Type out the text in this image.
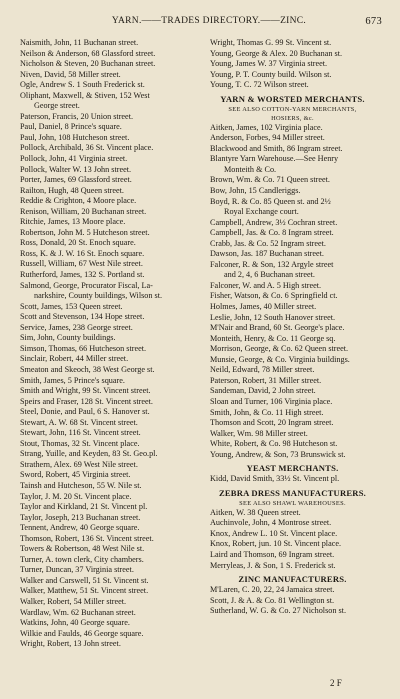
YARN.——TRADES DIRECTORY.——ZINC.	673
Naismith, John, 11 Buchanan street.
Neilson & Anderson, 68 Glassford street.
Nicholson & Steven, 20 Buchanan street.
Niven, David, 58 Miller street.
Ogle, Andrew S. 1 South Frederick st.
Oliphant, Maxwell, & Stiven, 152 West
George street.
Paterson, Francis, 20 Union street.
Paul, Daniel, 8 Prince's square.
Paul, John, 108 Hutcheson street.
Pollock, Archibald, 36 St. Vincent place.
Pollock, John, 41 Virginia street.
Pollock, Walter W. 13 John street.
Porter, James, 69 Glassford street.
Railton, Hugh, 48 Queen street.
Reddie & Crighton, 4 Moore place.
Renison, William, 20 Buchanan street.
Ritchie, James, 13 Moore place.
Robertson, John M. 5 Hutcheson street.
Ross, Donald, 20 St. Enoch square.
Ross, K. & J. W. 16 St. Enoch square.
Russell, William, 67 West Nile street.
Rutherford, James, 132 S. Portland st.
Salmond, George, Procurator Fiscal, La-
narkshire, County buildings, Wilson st.
Scott, James, 153 Queen street.
Scott and Stevenson, 134 Hope street.
Service, James, 238 George street.
Sim, John, County buildings.
Simson, Thomas, 66 Hutcheson street.
Sinclair, Robert, 44 Miller street.
Smeaton and Skeoch, 38 West George st.
Smith, James, 5 Prince's square.
Smith and Wright, 99 St. Vincent street.
Speirs and Fraser, 128 St. Vincent street.
Steel, Donie, and Paul, 6 S. Hanover st.
Stewart, A. W. 68 St. Vincent street.
Stewart, John, 116 St. Vincent street.
Stout, Thomas, 32 St. Vincent place.
Strang, Yuille, and Keyden, 83 St. Geo.pl.
Strathern, Alex. 69 West Nile street.
Sword, Robert, 45 Virginia street.
Tainsh and Hutcheson, 55 W. Nile st.
Taylor, J. M. 20 St. Vincent place.
Taylor and Kirkland, 21 St. Vincent pl.
Taylor, Joseph, 213 Buchanan street.
Tennent, Andrew, 40 George square.
Thomson, Robert, 136 St. Vincent street.
Towers & Robertson, 48 West Nile st.
Turner, A. town clerk, City chambers.
Turner, Duncan, 37 Virginia street.
Walker and Carswell, 51 St. Vincent st.
Walker, Matthew, 51 St. Vincent street.
Walker, Robert, 54 Miller street.
Wardlaw, Wm. 62 Buchanan street.
Watkins, John, 40 George square.
Wilkie and Faulds, 46 George square.
Wright, Robert, 13 John street.
Wright, Thomas G. 99 St. Vincent st.
Young, George & Alex. 20 Buchanan st.
Young, James W. 37 Virginia street.
Young, P. T. County build. Wilson st.
Young, T. C. 72 Wilson street.
YARN & WORSTED MERCHANTS.
SEE ALSO COTTON-YARN MERCHANTS,
HOSIERS, &c.
Aitken, James, 102 Virginia place.
Anderson, Forbes, 94 Miller street.
Blackwood and Smith, 86 Ingram street.
Blantyre Yarn Warehouse.—See Henry
Monteith & Co.
Brown, Wm. & Co. 71 Queen street.
Bow, John, 15 Candleriggs.
Boyd, R. & Co. 85 Queen st. and 2½
Royal Exchange court.
Campbell, Andrew, 3½ Cochran street.
Campbell, Jas. & Co. 8 Ingram street.
Crabb, Jas. & Co. 52 Ingram street.
Dawson, Jas. 187 Buchanan street.
Falconer, R. & Son, 132 Argyle street
and 2, 4, 6 Buchanan street.
Falconer, W. and A. 5 High street.
Fisher, Watson, & Co. 6 Springfield ct.
Holmes, James, 40 Miller street.
Leslie, John, 12 South Hanover street.
M'Nair and Brand, 60 St. George's place.
Monteith, Henry, & Co. 11 George sq.
Morrison, George, & Co. 62 Queen street.
Munsie, George, & Co. Virginia buildings.
Neild, Edward, 78 Miller street.
Paterson, Robert, 31 Miller street.
Sandeman, David, 2 John street.
Sloan and Turner, 106 Virginia place.
Smith, John, & Co. 11 High street.
Thomson and Scott, 20 Ingram street.
Walker, Wm. 98 Miller street.
White, Robert, & Co. 98 Hutcheson st.
Young, Andrew, & Son, 73 Brunswick st.
YEAST MERCHANTS.
Kidd, David Smith, 33½ St. Vincent pl.
ZEBRA DRESS MANUFACTURERS.
SEE ALSO SHAWL WAREHOUSES.
Aitken, W. 38 Queen street.
Auchinvole, John, 4 Montrose street.
Knox, Andrew L. 10 St. Vincent place.
Knox, Robert, jun. 10 St. Vincent place.
Laird and Thomson, 69 Ingram street.
Merryleas, J. & Son, 1 S. Frederick st.
ZINC MANUFACTURERS.
M'Laren, C. 20, 22, 24 Jamaica street.
Scott, J. & A. & Co. 81 Wellington st.
Sutherland, W. G. & Co. 27 Nicholson st.
2 F
